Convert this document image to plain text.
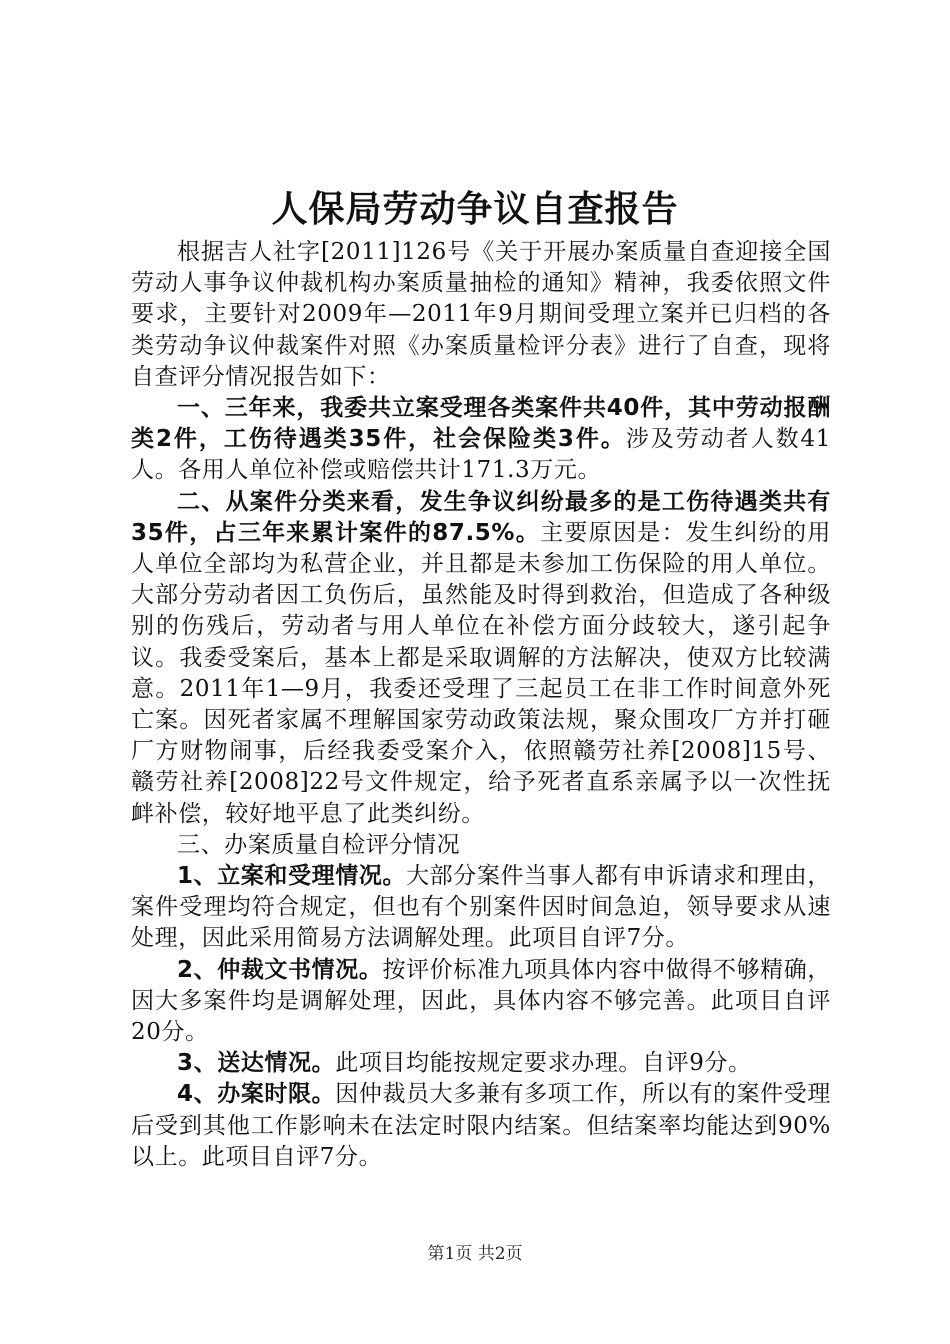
人保局劳动争议自查报告

根据吉人社字[2011]126号《关于开展办案质量自查迎接全国劳动人事争议仲裁机构办案质量抽检的通知》精神，我委依照文件要求，主要针对2009年—2011年9月期间受理立案并已归档的各类劳动争议仲裁案件对照《办案质量检评分表》进行了自查，现将自查评分情况报告如下：

一、三年来，我委共立案受理各类案件共40件，其中劳动报酬类2件，工伤待遇类35件，社会保险类3件。涉及劳动者人数41人。各用人单位补偿或赔偿共计171.3万元。

二、从案件分类来看，发生争议纠纷最多的是工伤待遇类共有35件，占三年来累计案件的87.5%。主要原因是：发生纠纷的用人单位全部均为私营企业，并且都是未参加工伤保险的用人单位。大部分劳动者因工负伤后，虽然能及时得到救治，但造成了各种级别的伤残后，劳动者与用人单位在补偿方面分歧较大，遂引起争议。我委受案后，基本上都是采取调解的方法解决，使双方比较满意。2011年1—9月，我委还受理了三起员工在非工作时间意外死亡案。因死者家属不理解国家劳动政策法规，聚众围攻厂方并打砸厂方财物闹事，后经我委受案介入，依照赣劳社养[2008]15号、赣劳社养[2008]22号文件规定，给予死者直系亲属予以一次性抚衅补偿，较好地平息了此类纠纷。

三、办案质量自检评分情况

1、立案和受理情况。大部分案件当事人都有申诉请求和理由，案件受理均符合规定，但也有个别案件因时间急迫，领导要求从速处理，因此采用简易方法调解处理。此项目自评7分。

2、仲裁文书情况。按评价标准九项具体内容中做得不够精确，因大多案件均是调解处理，因此，具体内容不够完善。此项目自评20分。

3、送达情况。此项目均能按规定要求办理。自评9分。

4、办案时限。因仲裁员大多兼有多项工作，所以有的案件受理后受到其他工作影响未在法定时限内结案。但结案率均能达到90%以上。此项目自评7分。

第1页 共2页
